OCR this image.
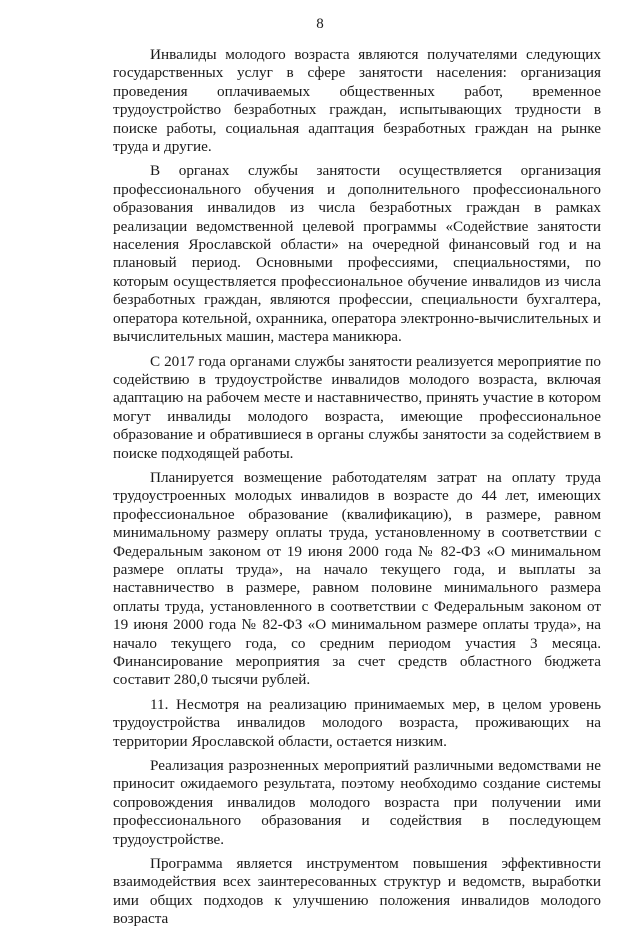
8

Инвалиды молодого возраста являются получателями следующих государственных услуг в сфере занятости населения: организация проведения оплачиваемых общественных работ, временное трудоустройство безработных граждан, испытывающих трудности в поиске работы, социальная адаптация безработных граждан на рынке труда и другие.

В органах службы занятости осуществляется организация профессионального обучения и дополнительного профессионального образования инвалидов из числа безработных граждан в рамках реализации ведомственной целевой программы «Содействие занятости населения Ярославской области» на очередной финансовый год и на плановый период. Основными профессиями, специальностями, по которым осуществляется профессиональное обучение инвалидов из числа безработных граждан, являются профессии, специальности бухгалтера, оператора котельной, охранника, оператора электронно-вычислительных и вычислительных машин, мастера маникюра.

С 2017 года органами службы занятости реализуется мероприятие по содействию в трудоустройстве инвалидов молодого возраста, включая адаптацию на рабочем месте и наставничество, принять участие в котором могут инвалиды молодого возраста, имеющие профессиональное образование и обратившиеся в органы службы занятости за содействием в поиске подходящей работы.

Планируется возмещение работодателям затрат на оплату труда трудоустроенных молодых инвалидов в возрасте до 44 лет, имеющих профессиональное образование (квалификацию), в размере, равном минимальному размеру оплаты труда, установленному в соответствии с Федеральным законом от 19 июня 2000 года № 82-ФЗ «О минимальном размере оплаты труда», на начало текущего года, и выплаты за наставничество в размере, равном половине минимального размера оплаты труда, установленного в соответствии с Федеральным законом от 19 июня 2000 года № 82-ФЗ «О минимальном размере оплаты труда», на начало текущего года, со средним периодом участия 3 месяца. Финансирование мероприятия за счет средств областного бюджета составит 280,0 тысячи рублей.

11. Несмотря на реализацию принимаемых мер, в целом уровень трудоустройства инвалидов молодого возраста, проживающих на территории Ярославской области, остается низким.

Реализация разрозненных мероприятий различными ведомствами не приносит ожидаемого результата, поэтому необходимо создание системы сопровождения инвалидов молодого возраста при получении ими профессионального образования и содействия в последующем трудоустройстве.

Программа является инструментом повышения эффективности взаимодействия всех заинтересованных структур и ведомств, выработки ими общих подходов к улучшению положения инвалидов молодого возраста
